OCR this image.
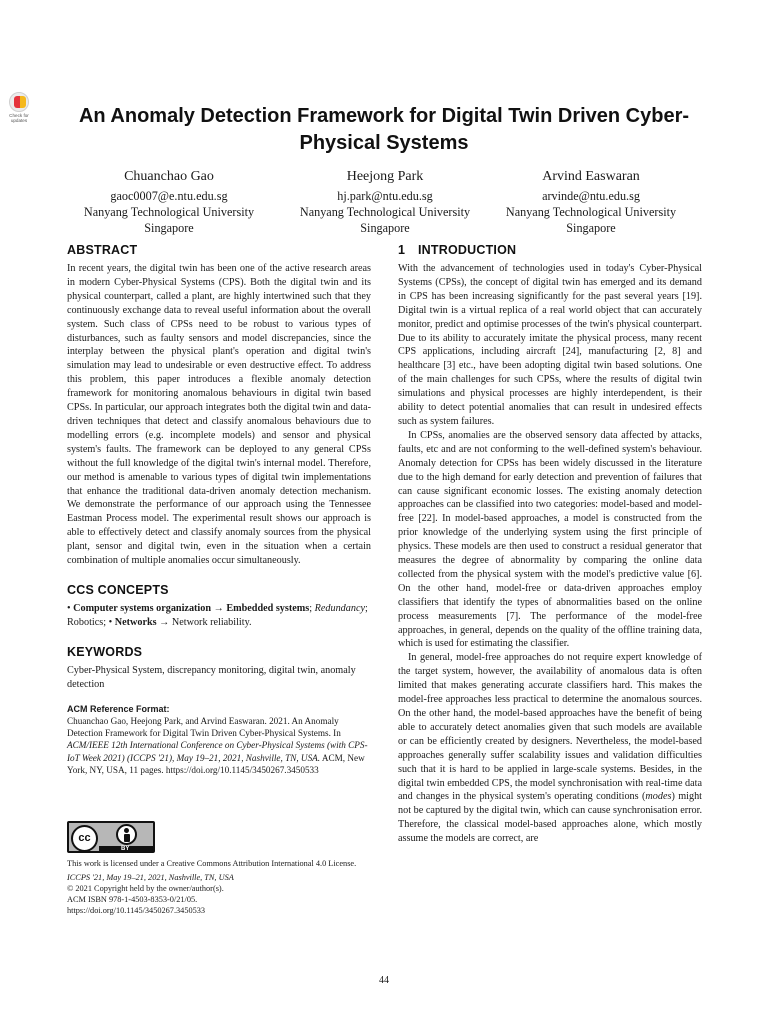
Check for updates	An Anomaly Detection Framework for Digital Twin Driven Cyber-Physical Systems
Chuanchao Gao
gaoc0007@e.ntu.edu.sg
Nanyang Technological University
Singapore
Heejong Park
hj.park@ntu.edu.sg
Nanyang Technological University
Singapore
Arvind Easwaran
arvinde@ntu.edu.sg
Nanyang Technological University
Singapore
ABSTRACT

In recent years, the digital twin has been one of the active research areas in modern Cyber-Physical Systems (CPS). Both the digital twin and its physical counterpart, called a plant, are highly intertwined such that they continuously exchange data to reveal useful information about the overall system. Such class of CPSs need to be robust to various types of disturbances, such as faulty sensors and model discrepancies, since the interplay between the physical plant's operation and digital twin's simulation may lead to undesirable or even destructive effect. To address this problem, this paper introduces a flexible anomaly detection framework for monitoring anomalous behaviours in digital twin based CPSs. In particular, our approach integrates both the digital twin and data-driven techniques that detect and classify anomalous behaviours due to modelling errors (e.g. incomplete models) and sensor and physical system's faults. The framework can be deployed to any general CPSs without the full knowledge of the digital twin's internal model. Therefore, our method is amenable to various types of digital twin implementations that enhance the traditional data-driven anomaly detection mechanism. We demonstrate the performance of our approach using the Tennessee Eastman Process model. The experimental result shows our approach is able to effectively detect and classify anomaly sources from the physical plant, sensor and digital twin, even in the situation when a certain combination of multiple anomalies occur simultaneously.

CCS CONCEPTS

• Computer systems organization → Embedded systems; Redundancy; Robotics; • Networks → Network reliability.

KEYWORDS

Cyber-Physical System, discrepancy monitoring, digital twin, anomaly detection

ACM Reference Format:

Chuanchao Gao, Heejong Park, and Arvind Easwaran. 2021. An Anomaly Detection Framework for Digital Twin Driven Cyber-Physical Systems. In ACM/IEEE 12th International Conference on Cyber-Physical Systems (with CPS-IoT Week 2021) (ICCPS '21), May 19–21, 2021, Nashville, TN, USA. ACM, New York, NY, USA, 11 pages. https://doi.org/10.1145/3450267.3450533

cc
BY

This work is licensed under a Creative Commons Attribution International 4.0 License.

ICCPS '21, May 19–21, 2021, Nashville, TN, USA

© 2021 Copyright held by the owner/author(s).

ACM ISBN 978-1-4503-8353-0/21/05.

https://doi.org/10.1145/3450267.3450533

1 INTRODUCTION

With the advancement of technologies used in today's Cyber-Physical Systems (CPSs), the concept of digital twin has emerged and its demand in CPS has been increasing significantly for the past several years [19]. Digital twin is a virtual replica of a real world object that can accurately monitor, predict and optimise processes of the twin's physical counterpart. Due to its ability to accurately imitate the physical process, many recent CPS applications, including aircraft [24], manufacturing [2, 8] and healthcare [3] etc., have been adopting digital twin based solutions. One of the main challenges for such CPSs, where the results of digital twin simulations and physical processes are highly interdependent, is their ability to detect potential anomalies that can result in undesired effects such as system failures.

In CPSs, anomalies are the observed sensory data affected by attacks, faults, etc and are not conforming to the well-defined system's behaviour. Anomaly detection for CPSs has been widely discussed in the literature due to the high demand for early detection and prevention of failures that can cause significant economic losses. The existing anomaly detection approaches can be classified into two categories: model-based and model-free [22]. In model-based approaches, a model is constructed from the prior knowledge of the underlying system using the first principle of physics. These models are then used to construct a residual generator that measures the degree of abnormality by comparing the online data collected from the physical system with the model's predictive value [6]. On the other hand, model-free or data-driven approaches employ classifiers that identify the types of abnormalities based on the online process measurements [7]. The performance of the model-free approaches, in general, depends on the quality of the offline training data, which is used for estimating the classifier.

In general, model-free approaches do not require expert knowledge of the target system, however, the availability of anomalous data is often limited that makes generating accurate classifiers hard. This makes the model-free approaches less practical to determine the anomalous sources. On the other hand, the model-based approaches have the benefit of being able to accurately detect anomalies given that such models are available or can be efficiently created by designers. Nevertheless, the model-based approaches generally suffer scalability issues and validation difficulties such that it is hard to be applied in large-scale systems. Besides, in the digital twin embedded CPS, the model synchronisation with real-time data and changes in the physical system's operating conditions (modes) might not be captured by the digital twin, which can cause synchronisation error. Therefore, the classical model-based approaches alone, which mostly assume the models are correct, are

44
